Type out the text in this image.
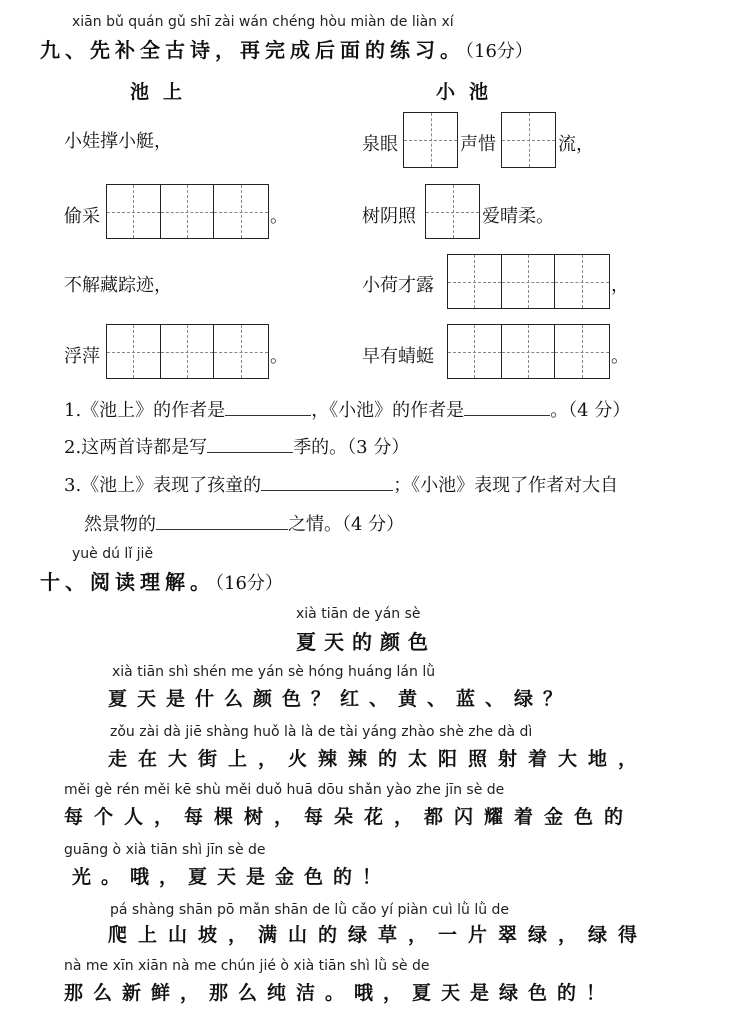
xiān bǔ quán gǔ shī zài wán chéng hòu miàn de liàn xí
九、先补全古诗，再完成后面的练习。（16分）
池上	小池
小娃撑小艇，
偷采	。
不解藏踪迹，
浮萍	。
泉眼	声惜	流，
树阴照	爱晴柔。
小荷才露	，
早有蜻蜓	。
1.《池上》的作者是	，《小池》的作者是	。（4 分）
2.这两首诗都是写	季的。（3 分）
3.《池上》表现了孩童的	；《小池》表现了作者对大自
然景物的	之情。（4 分）
yuè dú lǐ jiě
十、阅读理解。（16分）
xià tiān de yán sè
夏天的颜色
xià tiān shì shén me yán sè hóng huáng lán lǜ
夏天是什么颜色？红、黄、蓝、绿？
zǒu zài dà jiē shàng huǒ là là de tài yáng zhào shè zhe dà dì
走在大街上，火辣辣的太阳照射着大地，
měi gè rén měi kē shù měi duǒ huā dōu shǎn yào zhe jīn sè de
每个人，每棵树，每朵花，都闪耀着金色的
guāng ò xià tiān shì jīn sè de
光。哦，夏天是金色的！
pá shàng shān pō mǎn shān de lǜ cǎo yí piàn cuì lǜ lǜ de
爬上山坡，满山的绿草，一片翠绿，绿得
nà me xīn xiān nà me chún jié ò xià tiān shì lǜ sè de
那么新鲜，那么纯洁。哦，夏天是绿色的！
